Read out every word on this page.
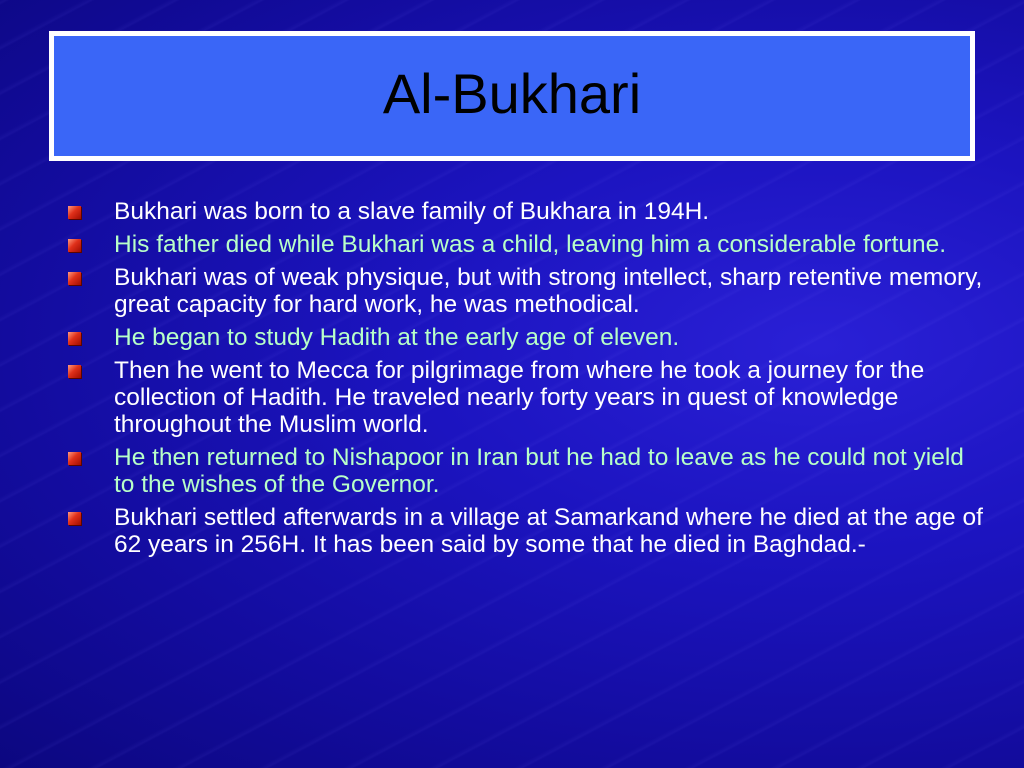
Al-Bukhari
Bukhari was born to a slave family of Bukhara in 194H.
His father died while Bukhari was a child, leaving him a considerable fortune.
Bukhari was of weak physique, but with strong intellect, sharp retentive memory, great capacity for hard work, he was methodical.
He began to study Hadith at the early age of eleven.
Then he went to Mecca for pilgrimage from where he took a journey for the collection of Hadith. He traveled nearly forty years in quest of knowledge throughout the Muslim world.
He then returned to Nishapoor in Iran but he had to leave as he could not yield to the wishes of the Governor.
Bukhari settled afterwards in a village at Samarkand where he died at the age of 62 years in 256H. It has been said by some that he died in Baghdad.-
